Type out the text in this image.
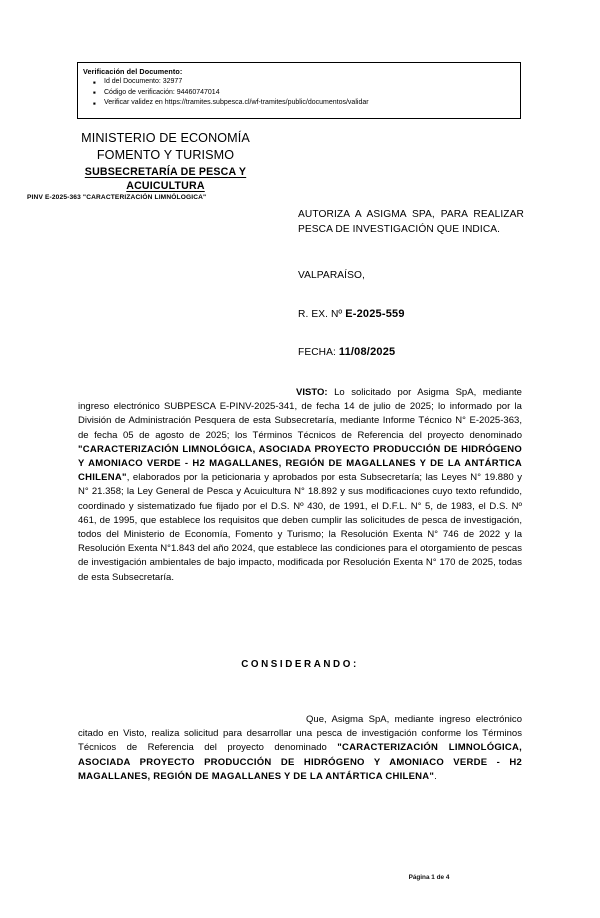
Verificación del Documento:
■ Id del Documento: 32977
■ Código de verificación: 94460747014
■ Verificar validez en https://tramites.subpesca.cl/wf-tramites/public/documentos/validar
MINISTERIO DE ECONOMÍA
FOMENTO Y TURISMO
SUBSECRETARÍA DE PESCA Y
ACUICULTURA
PINV E-2025-363 "CARACTERIZACIÓN LIMNÓLOGICA"
AUTORIZA A ASIGMA SPA, PARA REALIZAR PESCA DE INVESTIGACIÓN QUE INDICA.
VALPARAÍSO,
R. EX. Nº E-2025-559
FECHA: 11/08/2025

VISTO: Lo solicitado por Asigma SpA, mediante ingreso electrónico SUBPESCA E-PINV-2025-341, de fecha 14 de julio de 2025; lo informado por la División de Administración Pesquera de esta Subsecretaría, mediante Informe Técnico N° E-2025-363, de fecha 05 de agosto de 2025; los Términos Técnicos de Referencia del proyecto denominado "CARACTERIZACIÓN LIMNOLÓGICA, ASOCIADA PROYECTO PRODUCCIÓN DE HIDRÓGENO Y AMONIACO VERDE - H2 MAGALLANES, REGIÓN DE MAGALLANES Y DE LA ANTÁRTICA CHILENA", elaborados por la peticionaria y aprobados por esta Subsecretaría; las Leyes N° 19.880 y N° 21.358; la Ley General de Pesca y Acuicultura N° 18.892 y sus modificaciones cuyo texto refundido, coordinado y sistematizado fue fijado por el D.S. Nº 430, de 1991, el D.F.L. N° 5, de 1983, el D.S. Nº 461, de 1995, que establece los requisitos que deben cumplir las solicitudes de pesca de investigación, todos del Ministerio de Economía, Fomento y Turismo; la Resolución Exenta N° 746 de 2022 y la Resolución Exenta N°1.843 del año 2024, que establece las condiciones para el otorgamiento de pescas de investigación ambientales de bajo impacto, modificada por Resolución Exenta N° 170 de 2025, todas de esta Subsecretaría.

CONSIDERANDO:

Que, Asigma SpA, mediante ingreso electrónico citado en Visto, realiza solicitud para desarrollar una pesca de investigación conforme los Términos Técnicos de Referencia del proyecto denominado "CARACTERIZACIÓN LIMNOLÓGICA, ASOCIADA PROYECTO PRODUCCIÓN DE HIDRÓGENO Y AMONIACO VERDE - H2 MAGALLANES, REGIÓN DE MAGALLANES Y DE LA ANTÁRTICA CHILENA".

Página 1 de 4
